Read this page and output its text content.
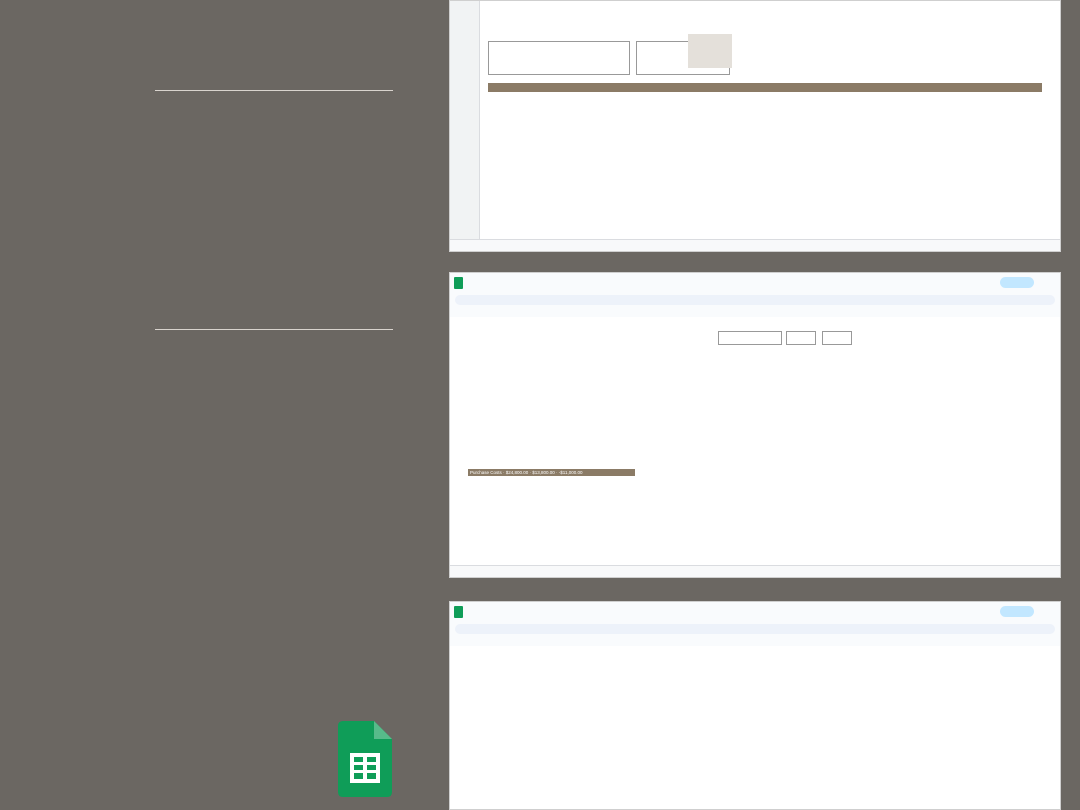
Purchase Costs · $24,800.00 · $13,800.00 · -$11,000.00
